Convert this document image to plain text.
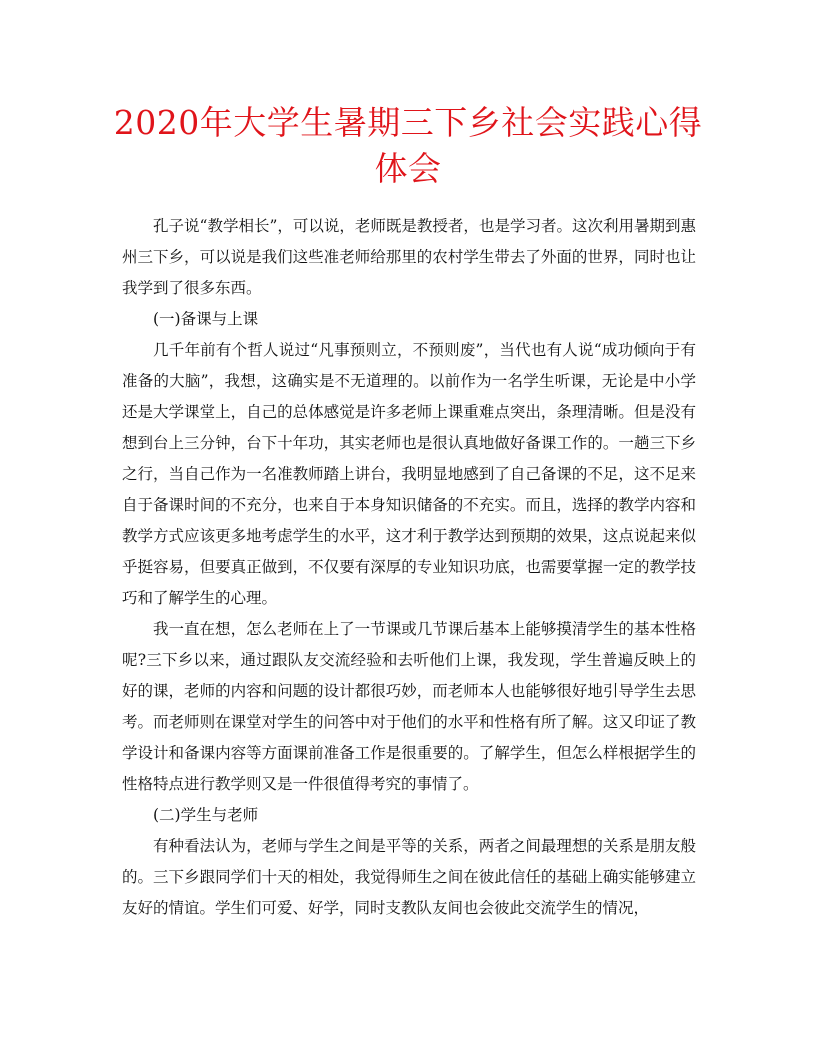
2020年大学生暑期三下乡社会实践心得体会

孔子说“教学相长”，可以说，老师既是教授者，也是学习者。这次利用暑期到惠州三下乡，可以说是我们这些准老师给那里的农村学生带去了外面的世界，同时也让我学到了很多东西。

(一)备课与上课

几千年前有个哲人说过“凡事预则立，不预则废”，当代也有人说“成功倾向于有准备的大脑”，我想，这确实是不无道理的。以前作为一名学生听课，无论是中小学还是大学课堂上，自己的总体感觉是许多老师上课重难点突出，条理清晰。但是没有想到台上三分钟，台下十年功，其实老师也是很认真地做好备课工作的。一趟三下乡之行，当自己作为一名准教师踏上讲台，我明显地感到了自己备课的不足，这不足来自于备课时间的不充分，也来自于本身知识储备的不充实。而且，选择的教学内容和教学方式应该更多地考虑学生的水平，这才利于教学达到预期的效果，这点说起来似乎挺容易，但要真正做到，不仅要有深厚的专业知识功底，也需要掌握一定的教学技巧和了解学生的心理。

我一直在想，怎么老师在上了一节课或几节课后基本上能够摸清学生的基本性格呢?三下乡以来，通过跟队友交流经验和去听他们上课，我发现，学生普遍反映上的好的课，老师的内容和问题的设计都很巧妙，而老师本人也能够很好地引导学生去思考。而老师则在课堂对学生的问答中对于他们的水平和性格有所了解。这又印证了教学设计和备课内容等方面课前准备工作是很重要的。了解学生，但怎么样根据学生的性格特点进行教学则又是一件很值得考究的事情了。

(二)学生与老师

有种看法认为，老师与学生之间是平等的关系，两者之间最理想的关系是朋友般的。三下乡跟同学们十天的相处，我觉得师生之间在彼此信任的基础上确实能够建立友好的情谊。学生们可爱、好学，同时支教队友间也会彼此交流学生的情况，
